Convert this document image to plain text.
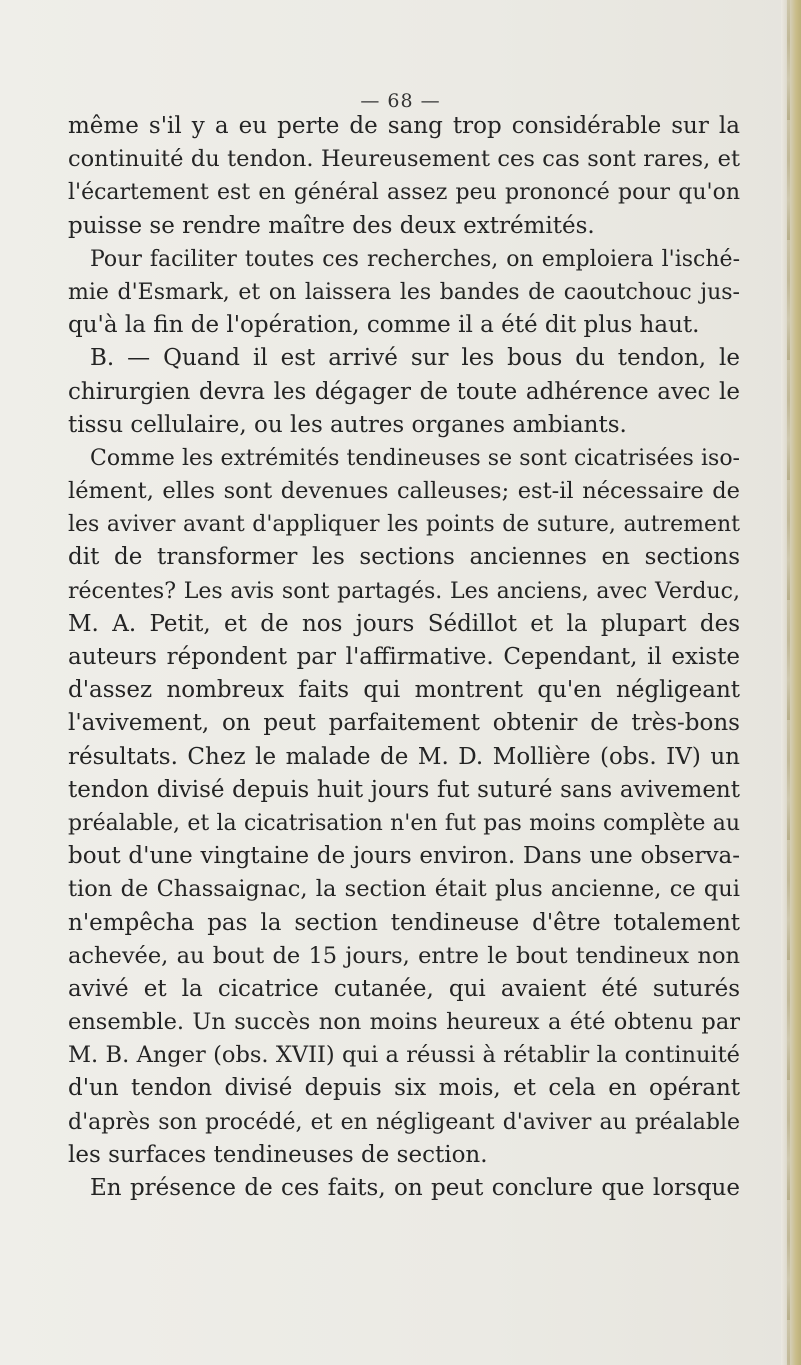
— 68 —
même s'il y a eu perte de sang trop considérable sur la
continuité du tendon. Heureusement ces cas sont rares, et
l'écartement est en général assez peu prononcé pour qu'on
puisse se rendre maître des deux extrémités.
Pour faciliter toutes ces recherches, on emploiera l'isché-
mie d'Esmark, et on laissera les bandes de caoutchouc jus-
qu'à la fin de l'opération, comme il a été dit plus haut.
B. — Quand il est arrivé sur les bous du tendon, le
chirurgien devra les dégager de toute adhérence avec le
tissu cellulaire, ou les autres organes ambiants.
Comme les extrémités tendineuses se sont cicatrisées iso-
lément, elles sont devenues calleuses; est-il nécessaire de
les aviver avant d'appliquer les points de suture, autrement
dit de transformer les sections anciennes en sections
récentes? Les avis sont partagés. Les anciens, avec Verduc,
M. A. Petit, et de nos jours Sédillot et la plupart des
auteurs répondent par l'affirmative. Cependant, il existe
d'assez nombreux faits qui montrent qu'en négligeant
l'avivement, on peut parfaitement obtenir de très-bons
résultats. Chez le malade de M. D. Mollière (obs. IV) un
tendon divisé depuis huit jours fut suturé sans avivement
préalable, et la cicatrisation n'en fut pas moins complète au
bout d'une vingtaine de jours environ. Dans une observa-
tion de Chassaignac, la section était plus ancienne, ce qui
n'empêcha pas la section tendineuse d'être totalement
achevée, au bout de 15 jours, entre le bout tendineux non
avivé et la cicatrice cutanée, qui avaient été suturés
ensemble. Un succès non moins heureux a été obtenu par
M. B. Anger (obs. XVII) qui a réussi à rétablir la continuité
d'un tendon divisé depuis six mois, et cela en opérant
d'après son procédé, et en négligeant d'aviver au préalable
les surfaces tendineuses de section.
En présence de ces faits, on peut conclure que lorsque
